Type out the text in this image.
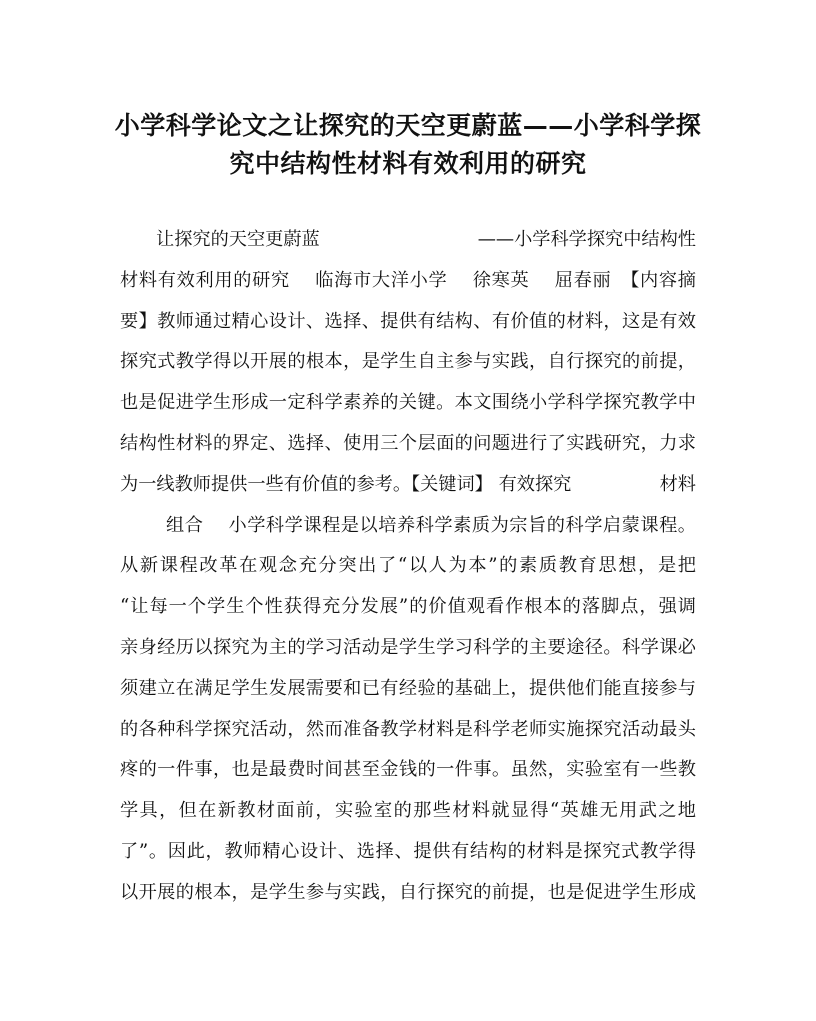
小学科学论文之让探究的天空更蔚蓝——小学科学探
究中结构性材料有效利用的研究
让探究的天空更蔚蓝	——小学科学探究中结构性
材料有效利用的研究　 临海市大洋小学　 徐寒英　 屈春丽　【内容摘
要】教师通过精心设计、选择、提供有结构、有价值的材料，这是有效
探究式教学得以开展的根本，是学生自主参与实践，自行探究的前提，
也是促进学生形成一定科学素养的关键。本文围绕小学科学探究教学中
结构性材料的界定、选择、使用三个层面的问题进行了实践研究，力求
为一线教师提供一些有价值的参考。【关键词】 有效探究	材料
组合　 小学科学课程是以培养科学素质为宗旨的科学启蒙课程。
从新课程改革在观念充分突出了“以人为本”的素质教育思想，是把
“让每一个学生个性获得充分发展”的价值观看作根本的落脚点，强调
亲身经历以探究为主的学习活动是学生学习科学的主要途径。科学课必
须建立在满足学生发展需要和已有经验的基础上，提供他们能直接参与
的各种科学探究活动，然而准备教学材料是科学老师实施探究活动最头
疼的一件事，也是最费时间甚至金钱的一件事。虽然，实验室有一些教
学具，但在新教材面前，实验室的那些材料就显得“英雄无用武之地
了”。因此，教师精心设计、选择、提供有结构的材料是探究式教学得
以开展的根本，是学生参与实践，自行探究的前提，也是促进学生形成
